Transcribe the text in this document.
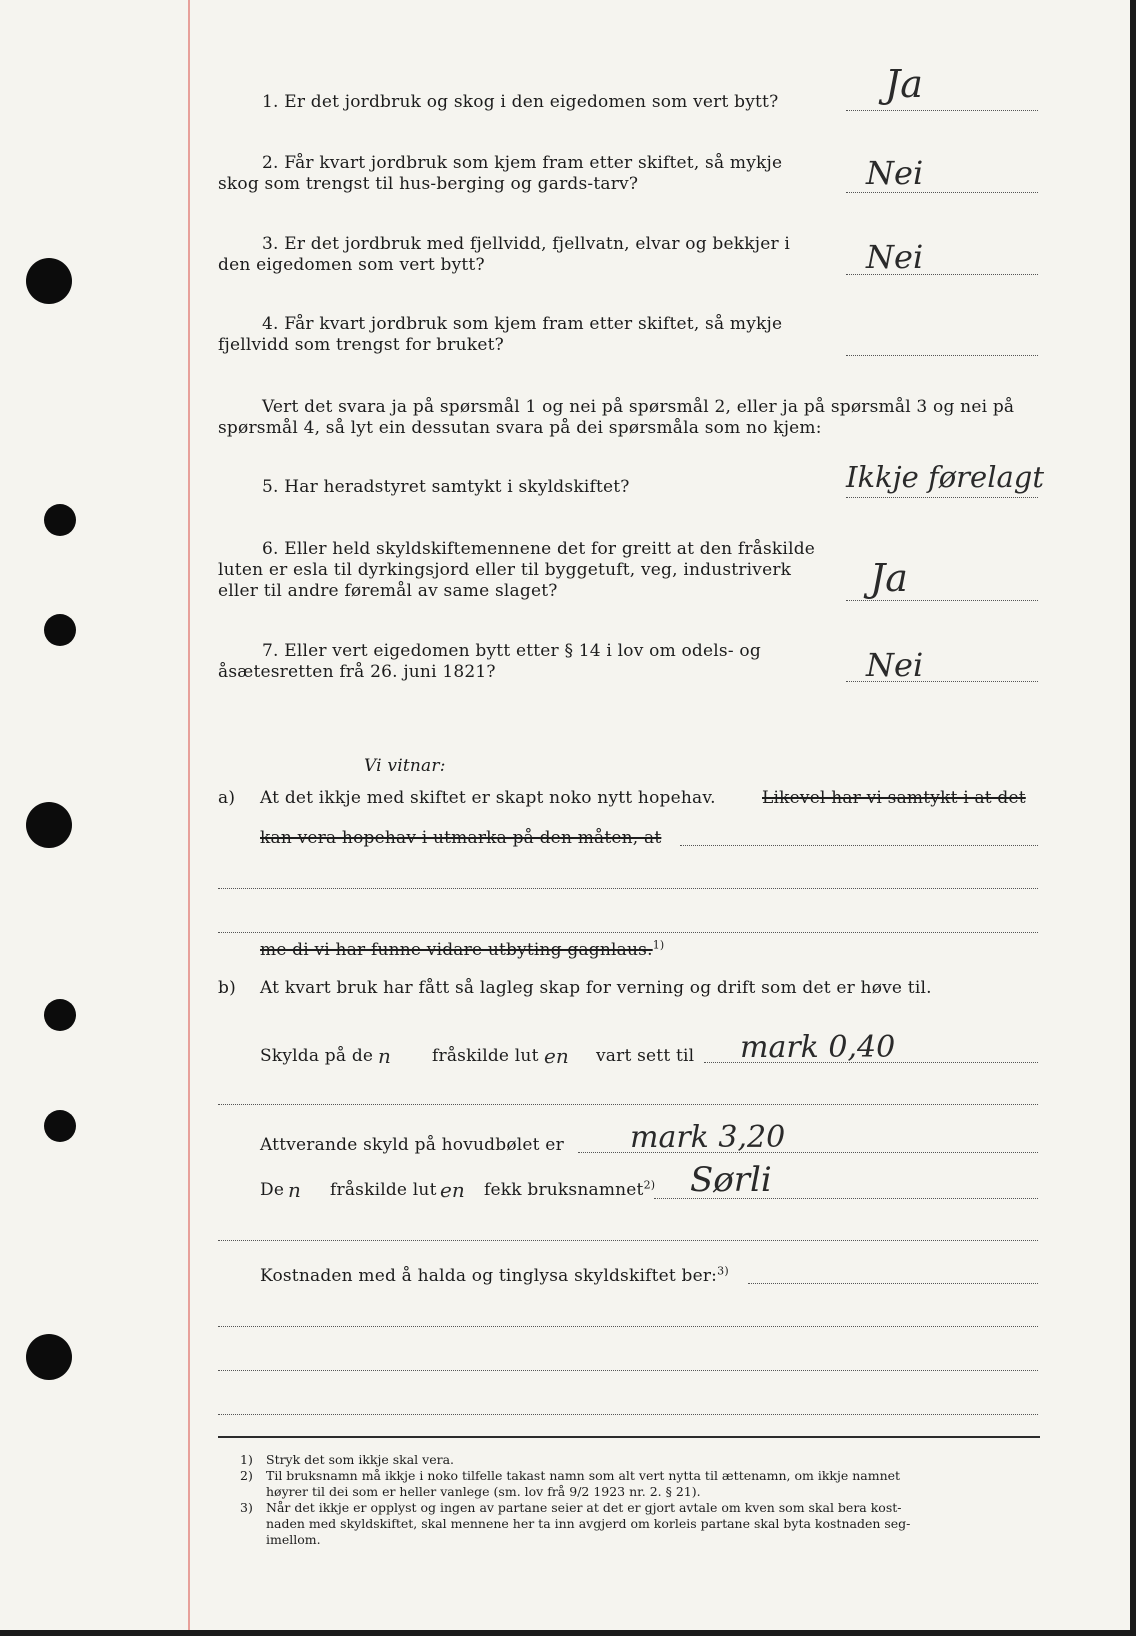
1. Er det jordbruk og skog i den eigedomen som vert bytt?	Ja
2. Får kvart jordbruk som kjem fram etter skiftet, så mykje
skog som trengst til hus-berging og gards-tarv?	Nei
3. Er det jordbruk med fjellvidd, fjellvatn, elvar og bekkjer i
den eigedomen som vert bytt?	Nei
4. Får kvart jordbruk som kjem fram etter skiftet, så mykje
fjellvidd som trengst for bruket?
Vert det svara ja på spørsmål 1 og nei på spørsmål 2, eller ja på spørsmål 3 og nei på
spørsmål 4, så lyt ein dessutan svara på dei spørsmåla som no kjem:
5. Har heradstyret samtykt i skyldskiftet?	Ikkje førelagt
6. Eller held skyldskiftemennene det for greitt at den fråskilde
luten er esla til dyrkingsjord eller til byggetuft, veg, industriverk
eller til andre føremål av same slaget?	Ja
7. Eller vert eigedomen bytt etter § 14 i lov om odels- og
åsætesretten frå 26. juni 1821?	Nei
Vi vitnar:
a) At det ikkje med skiftet er skapt noko nytt hopehav.	Likevel har vi samtykt i at det
kan vera hopehav i utmarka på den måten, at
me di vi har funne vidare utbyting gagnlaus.$^{1)}$
b) At kvart bruk har fått så lagleg skap for verning og drift som det er høve til.
Skylda på de n fråskilde lut en vart sett til mark 0,40
Attverande skyld på hovudbølet er mark 3,20
De n fråskilde lut en fekk bruksnamnet$^{2)}$ Sørli
Kostnaden med å halda og tinglysa skyldskiftet ber:$^{3)}$
1) Stryk det som ikkje skal vera.
2) Til bruksnamn må ikkje i noko tilfelle takast namn som alt vert nytta til ættenamn, om ikkje namnet
høyrer til dei som er heller vanlege (sm. lov frå 9/2 1923 nr. 2. § 21).
3) Når det ikkje er opplyst og ingen av partane seier at det er gjort avtale om kven som skal bera kost-
naden med skyldskiftet, skal mennene her ta inn avgjerd om korleis partane skal byta kostnaden seg-
imellom.
